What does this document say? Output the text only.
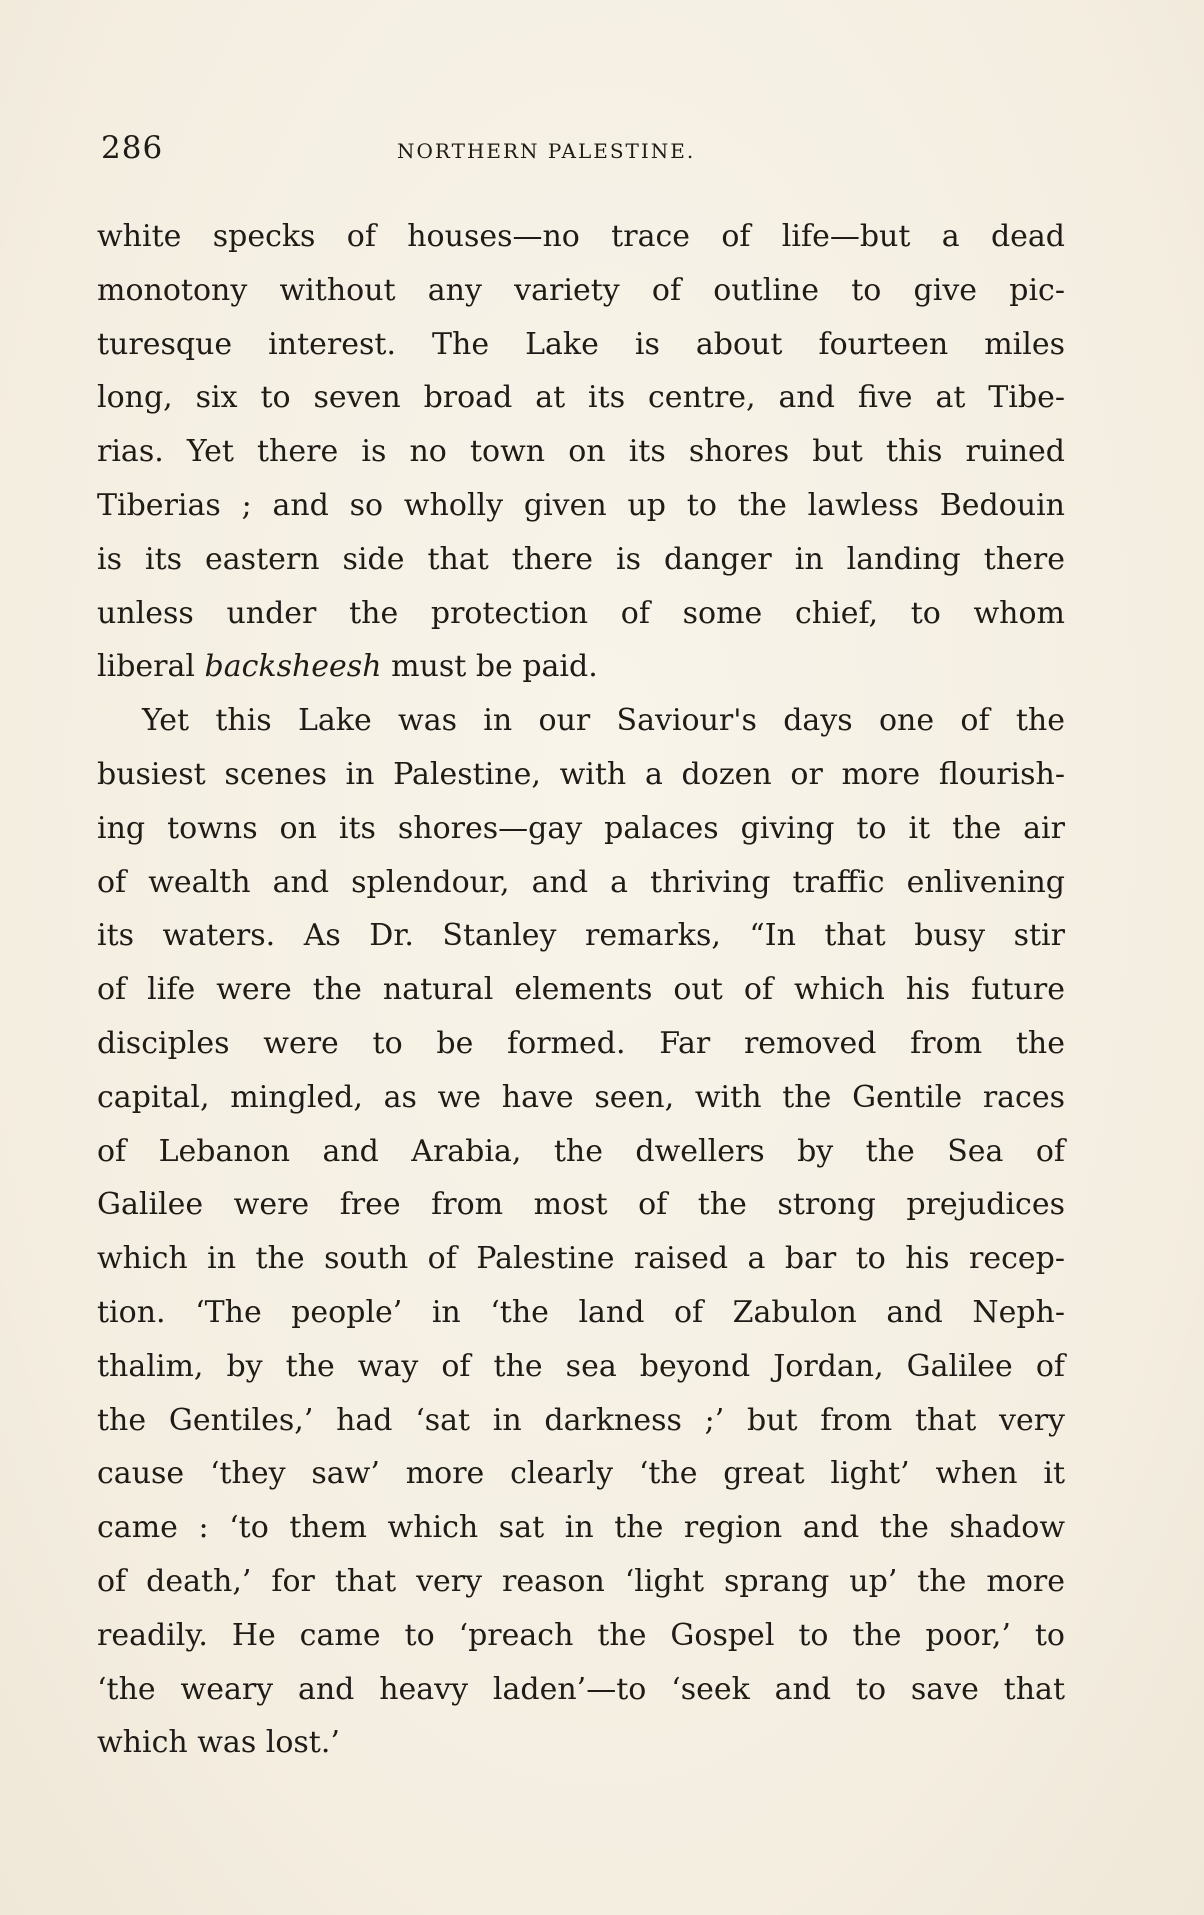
286	NORTHERN PALESTINE.
white specks of houses—no trace of life—but a dead
monotony without any variety of outline to give pic-
turesque interest. The Lake is about fourteen miles
long, six to seven broad at its centre, and five at Tibe-
rias. Yet there is no town on its shores but this ruined
Tiberias ; and so wholly given up to the lawless Bedouin
is its eastern side that there is danger in landing there
unless under the protection of some chief, to whom
liberal backsheesh must be paid.
Yet this Lake was in our Saviour's days one of the
busiest scenes in Palestine, with a dozen or more flourish-
ing towns on its shores—gay palaces giving to it the air
of wealth and splendour, and a thriving traffic enlivening
its waters. As Dr. Stanley remarks, “In that busy stir
of life were the natural elements out of which his future
disciples were to be formed. Far removed from the
capital, mingled, as we have seen, with the Gentile races
of Lebanon and Arabia, the dwellers by the Sea of
Galilee were free from most of the strong prejudices
which in the south of Palestine raised a bar to his recep-
tion. ‘The people’ in ‘the land of Zabulon and Neph-
thalim, by the way of the sea beyond Jordan, Galilee of
the Gentiles,’ had ‘sat in darkness ;’ but from that very
cause ‘they saw’ more clearly ‘the great light’ when it
came : ‘to them which sat in the region and the shadow
of death,’ for that very reason ‘light sprang up’ the more
readily. He came to ‘preach the Gospel to the poor,’ to
‘the weary and heavy laden’—to ‘seek and to save that
which was lost.’
